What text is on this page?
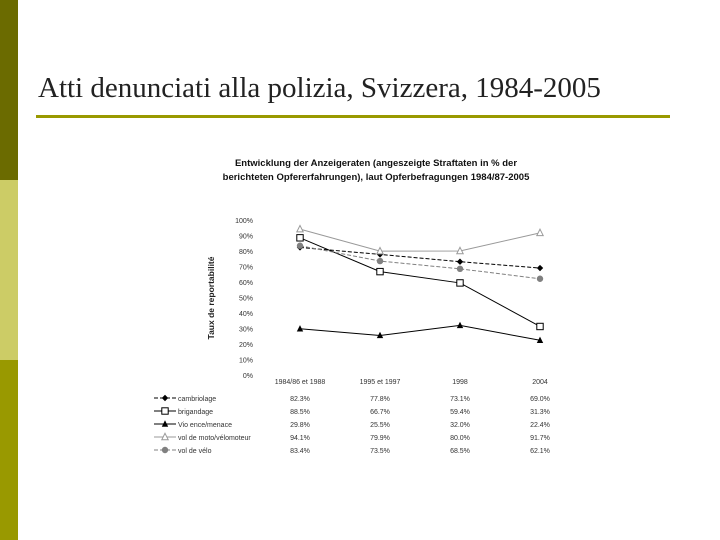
Atti denunciati alla polizia, Svizzera, 1984-2005
Entwicklung der Anzeigeraten (angeszeigte Straftaten in % der
berichteten Opfererfahrungen), laut Opferbefragungen 1984/87-2005
Taux de reportabilité
0%
10%
20%
30%
40%
50%
60%
70%
80%
90%
100%
1984/86 et 1988	1995 et 1997	1998	2004
cambriolage	82.3%	77.8%	73.1%	69.0%
brigandage	88.5%	66.7%	59.4%	31.3%
Vio ence/menace	29.8%	25.5%	32.0%	22.4%
vol de moto/vélomoteur	94.1%	79.9%	80.0%	91.7%
vol de vélo	83.4%	73.5%	68.5%	62.1%
